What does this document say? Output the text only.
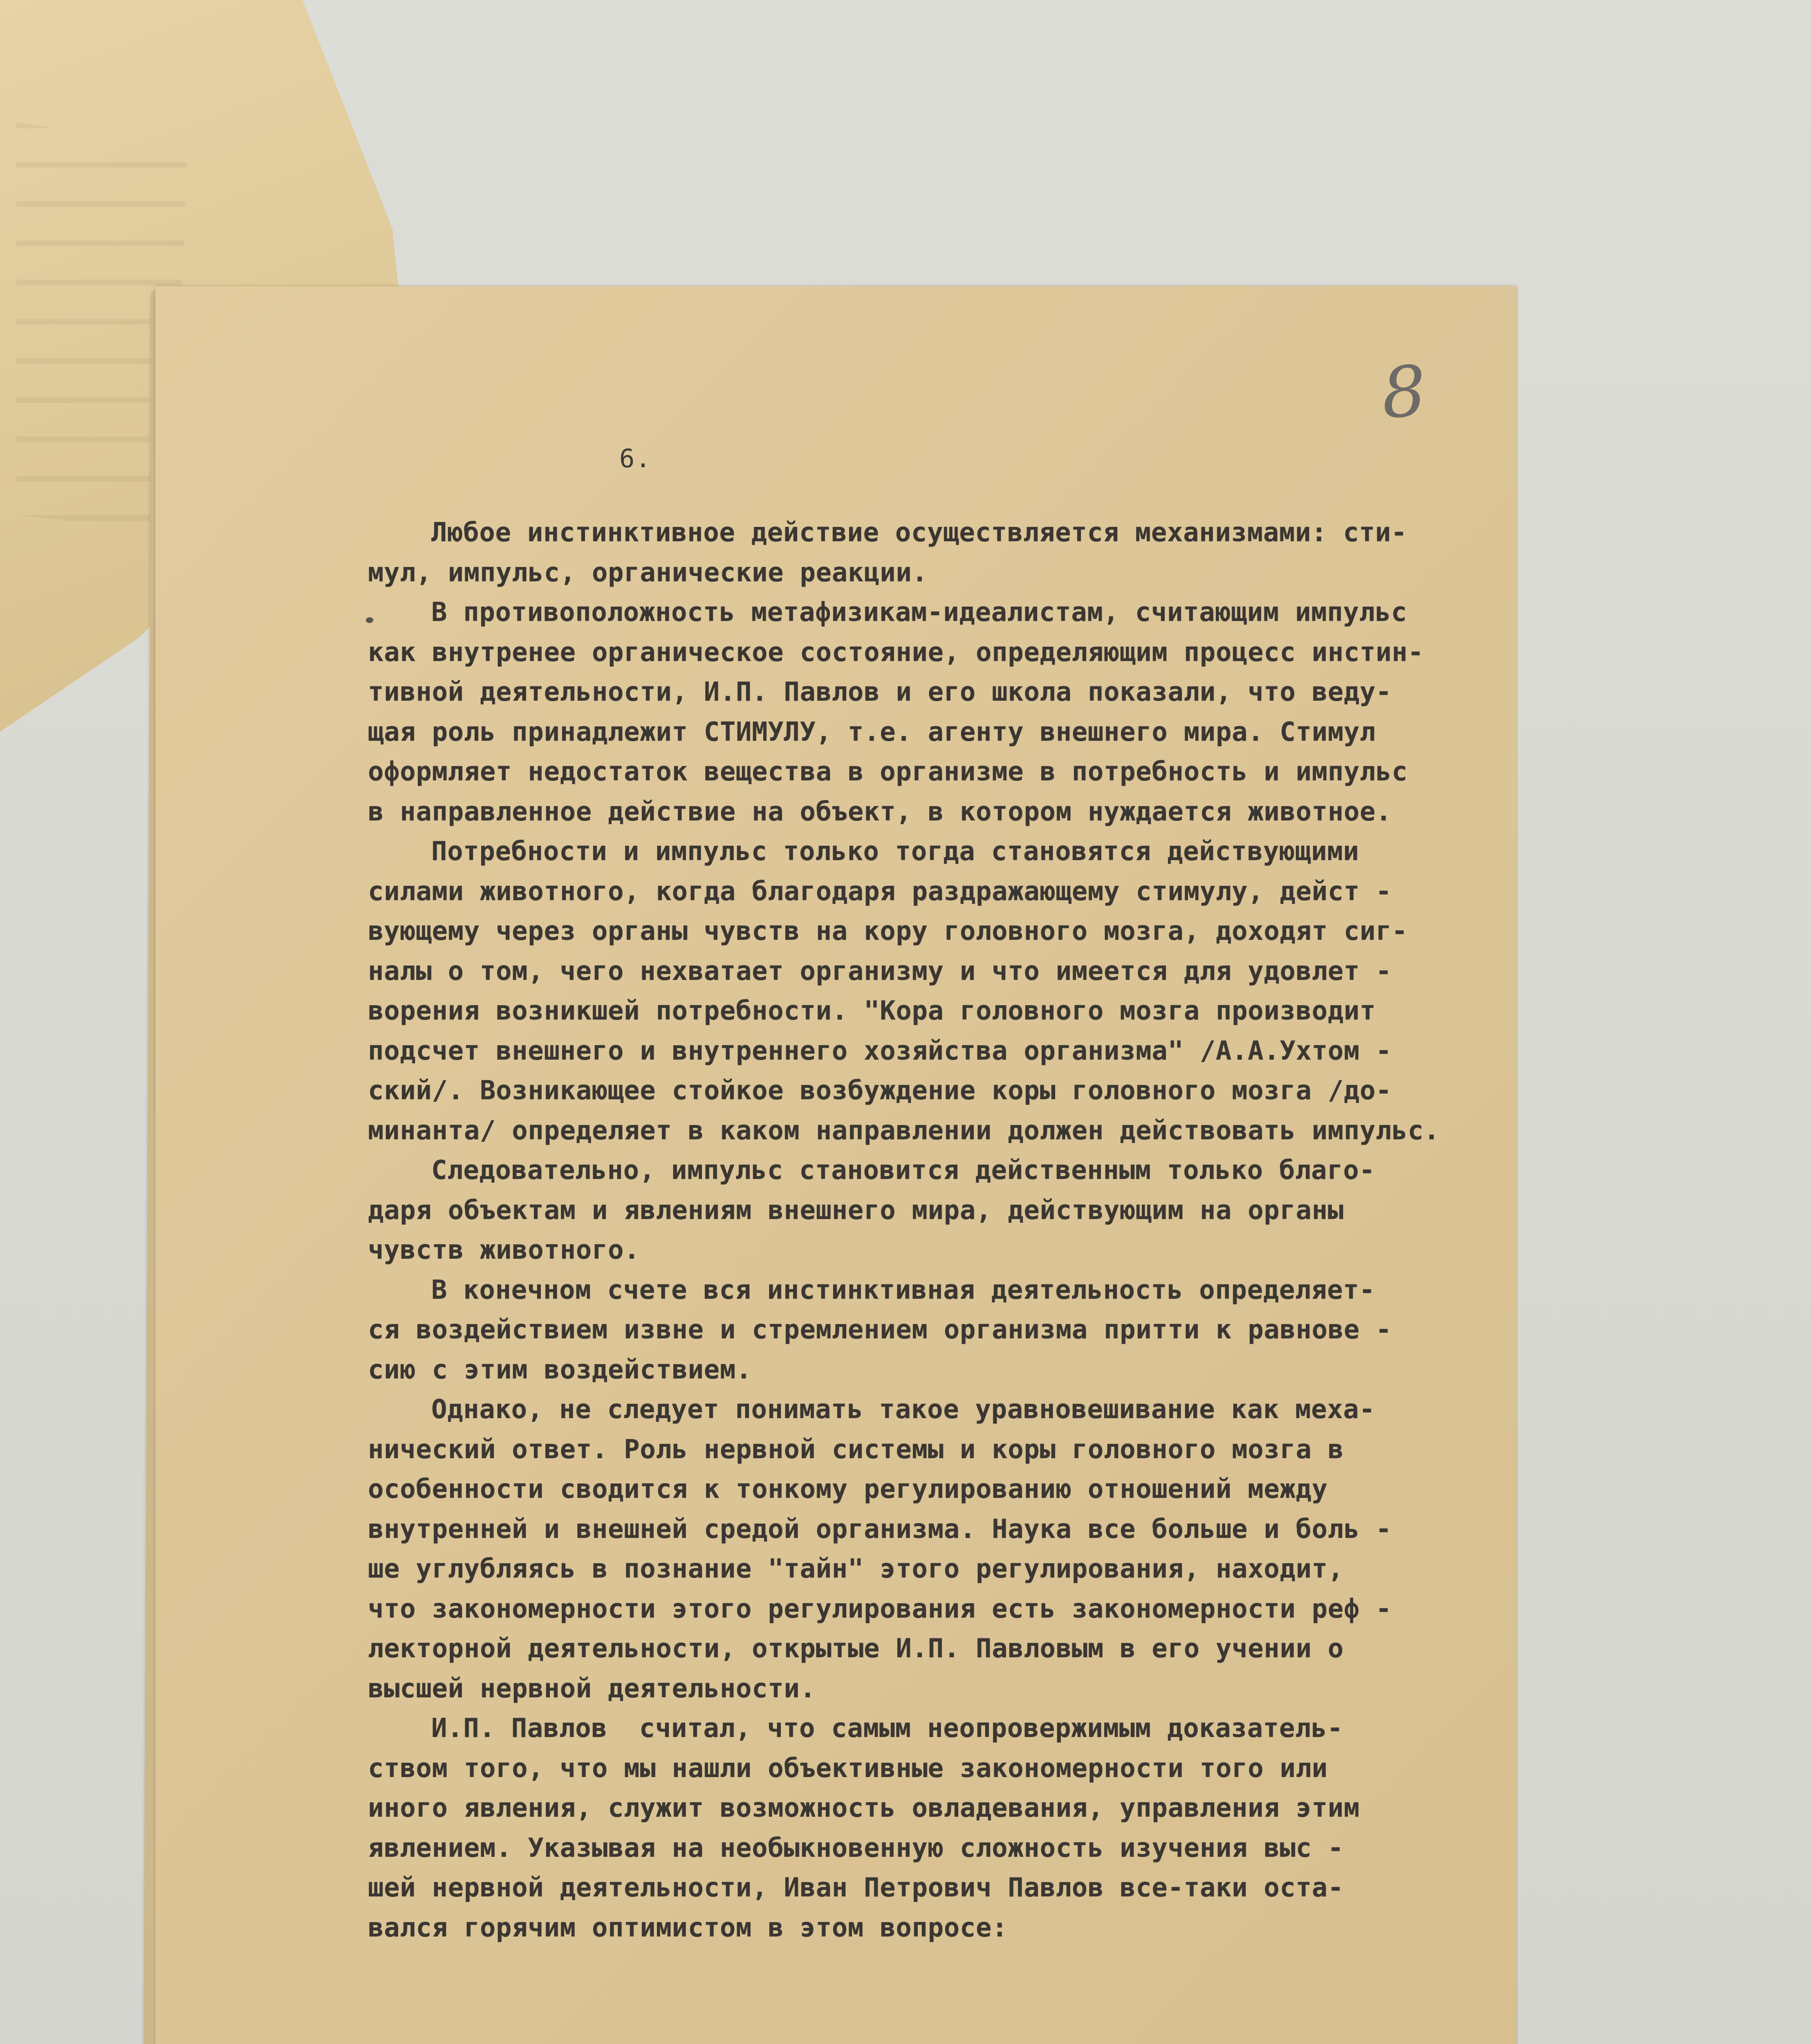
8
6.
Любое инстинктивное действие осуществляется механизмами: сти-
мул, импульс, органические реакции.
В противоположность метафизикам-идеалистам, считающим импульс
как внутренее органическое состояние, определяющим процесс инстин-
тивной деятельности, И.П. Павлов и его школа показали, что веду-
щая роль принадлежит СТИМУЛУ, т.е. агенту внешнего мира. Стимул
оформляет недостаток вещества в организме в потребность и импульс
в направленное действие на объект, в котором нуждается животное.
Потребности и импульс только тогда становятся действующими
силами животного, когда благодаря раздражающему стимулу, дейст -
вующему через органы чувств на кору головного мозга, доходят сиг-
налы о том, чего нехватает организму и что имеется для удовлет -
ворения возникшей потребности. "Кора головного мозга производит
подсчет внешнего и внутреннего хозяйства организма" /А.А.Ухтом -
ский/. Возникающее стойкое возбуждение коры головного мозга /до-
минанта/ определяет в каком направлении должен действовать импульс.
Следовательно, импульс становится действенным только благо-
даря объектам и явлениям внешнего мира, действующим на органы
чувств животного.
В конечном счете вся инстинктивная деятельность определяет-
ся воздействием извне и стремлением организма притти к равнове -
сию с этим воздействием.
Однако, не следует понимать такое уравновешивание как меха-
нический ответ. Роль нервной системы и коры головного мозга в
особенности сводится к тонкому регулированию отношений между
внутренней и внешней средой организма. Наука все больше и боль -
ше углубляясь в познание "тайн" этого регулирования, находит,
что закономерности этого регулирования есть закономерности реф -
лекторной деятельности, открытые И.П. Павловым в его учении о
высшей нервной деятельности.
И.П. Павлов  считал, что самым неопровержимым доказатель-
ством того, что мы нашли объективные закономерности того или
иного явления, служит возможность овладевания, управления этим
явлением. Указывая на необыкновенную сложность изучения выс -
шей нервной деятельности, Иван Петрович Павлов все-таки оста-
вался горячим оптимистом в этом вопросе:
